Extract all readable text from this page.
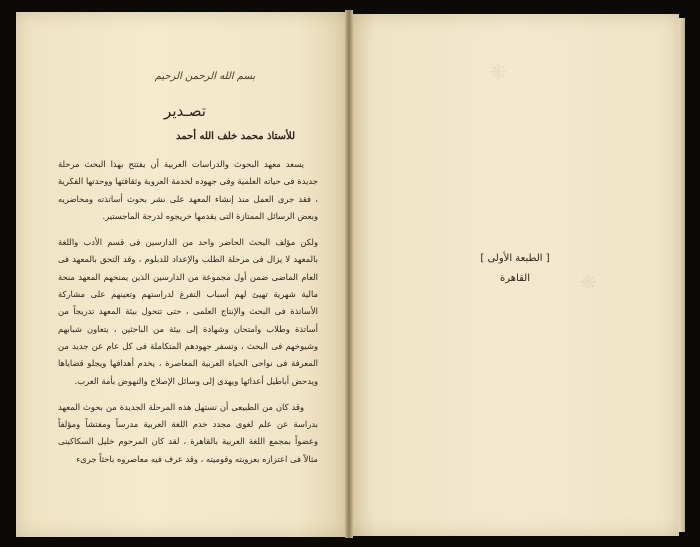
❋
❋
بسم الله الرحمن الرحيم
تصـدير
للأستاذ محمد خلف الله أحمد

يسعد معهد البحوث والدراسات العربية أن يفتتح بهذا البحث مرحلة جديدة فى حياته العلمية وفى جهوده لخدمة العروبة وثقافتها ووحدتها الفكرية ، فقد جرى العمل منذ إنشاء المعهد على نشر بحوث أساتذته ومحاضريه وبعض الرسائل الممتازة التى يقدمها خريجوه لدرجة الماجستير.

ولكن مؤلف البحث الحاضر واحد من الدارسين فى قسم الأدب واللغة بالمعهد لا يزال فى مرحلة الطلب والإعداد للدبلوم ، وقد التحق بالمعهد فى العام الماضى ضمن أول مجموعة من الدارسين الذين يمنحهم المعهد منحة مالية شهرية تهيئ لهم أسباب التفرغ لدراستهم وتعينهم على مشاركة الأساتذة فى البحث والإنتاج العلمى ، حتى تتحول بيئة المعهد تدريجاً من أساتذة وطلاب وامتحان وشهادة إلى بيئة من الباحثين ، يتعاون شبابهم وشيوخهم فى البحث ، وتسفر جهودهم المتكاملة فى كل عام عن جديد من المعرفة فى نواحى الحياة العربية المعاصرة ، يخدم أهدافها ويجلو قضاياها ويدحض أباطيل أعدائها ويهدى إلى وسائل الإصلاح والنهوض بأمة العرب.

وقد كان من الطبيعى أن تستهل هذه المرحلة الجديدة من بحوث المعهد بدراسة عن علم لغوى مجدد خدم اللغة العربية مدرساً ومفتشاً ومؤلفاً وعضواً بمجمع اللغة العربية بالقاهرة ، لقد كان المرحوم خليل السكاكينى مثالاً فى اعتزازه بعروبته وقوميته ، وقد عرف فيه معاصروه باحثاً جرىء

[ الطبعة الأولى ]
القاهرة
